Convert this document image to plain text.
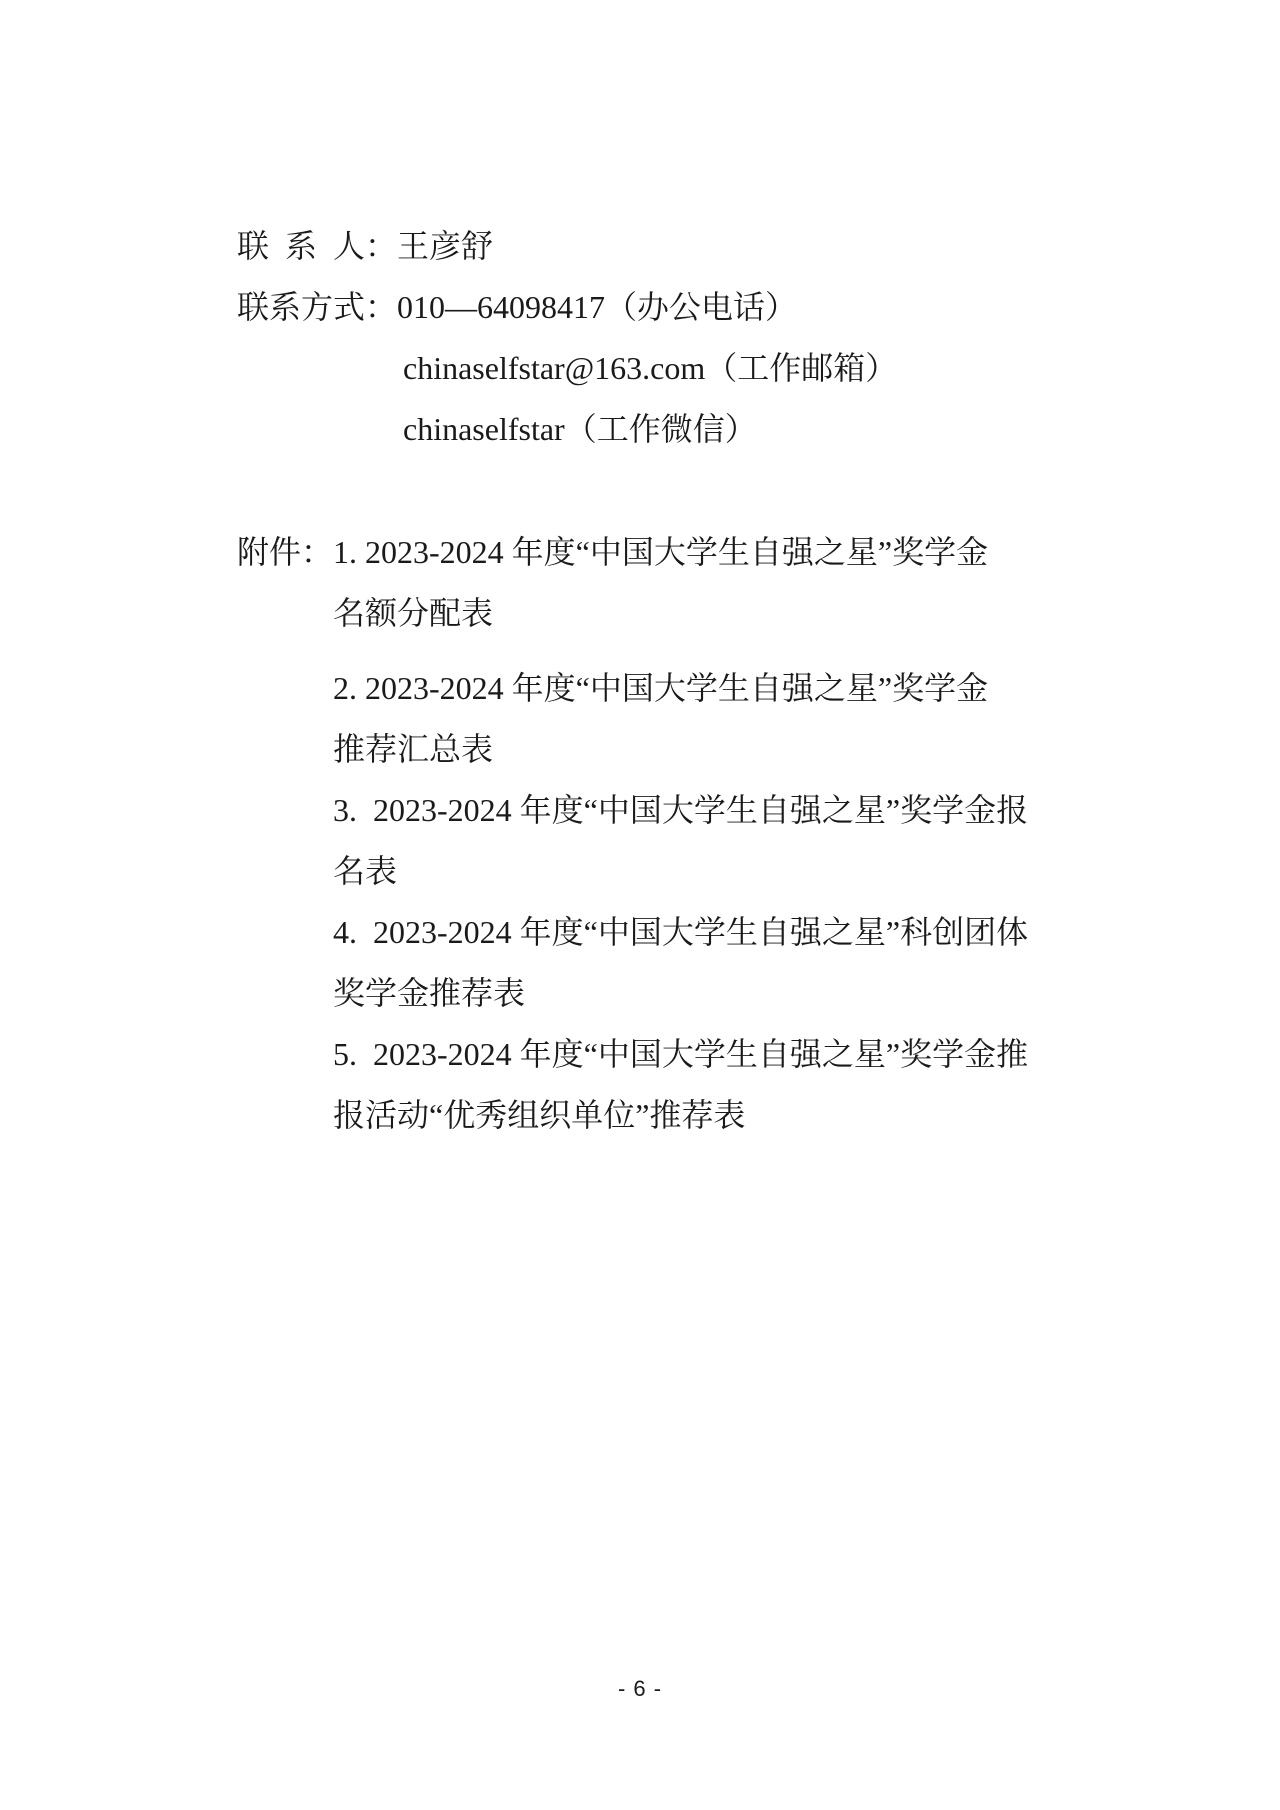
联 系 人 ：王彦舒
联系方式：010—64098417（办公电话）
chinaselfstar@163.com（工作邮箱）
chinaselfstar（工作微信）
附件： 1. 2023-2024 年度“中国大学生自强之星”奖学金
名额分配表
2. 2023-2024 年度“中国大学生自强之星”奖学金
推荐汇总表
3.  2023-2024 年度“中国大学生自强之星”奖学金报
名表
4.  2023-2024 年度“中国大学生自强之星”科创团体
奖学金推荐表
5.  2023-2024 年度“中国大学生自强之星”奖学金推
报活动“优秀组织单位”推荐表
- 6 -
